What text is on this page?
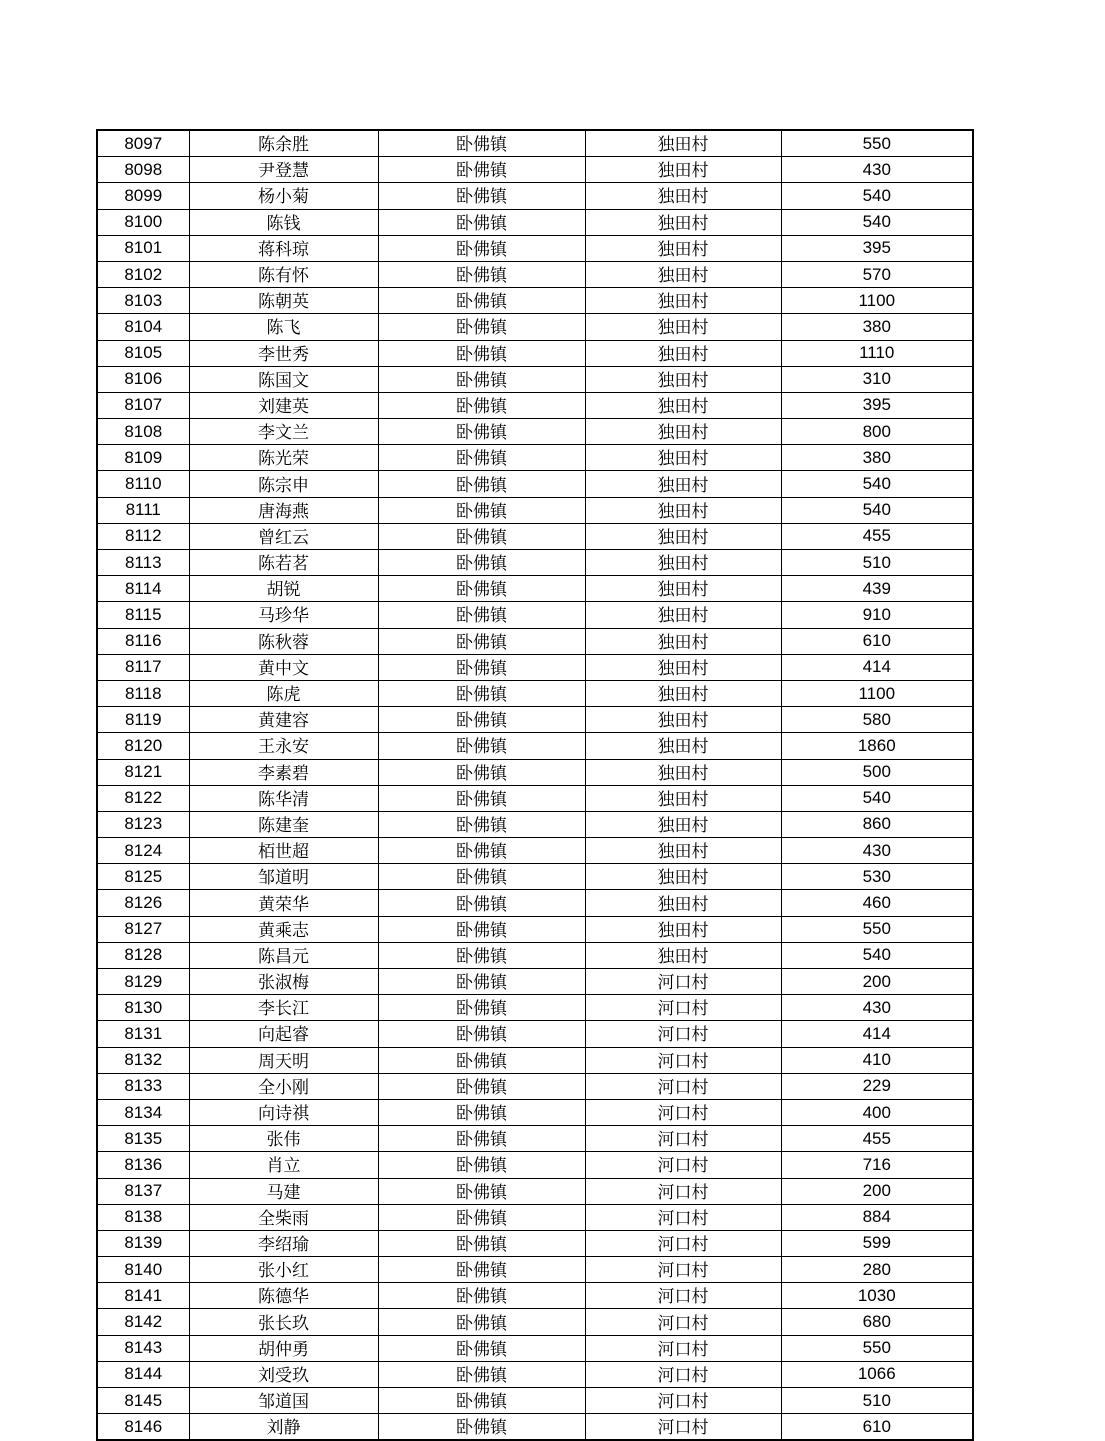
8097	陈余胜	卧佛镇	独田村	550
8098	尹登慧	卧佛镇	独田村	430
8099	杨小菊	卧佛镇	独田村	540
8100	陈钱	卧佛镇	独田村	540
8101	蒋科琼	卧佛镇	独田村	395
8102	陈有怀	卧佛镇	独田村	570
8103	陈朝英	卧佛镇	独田村	1100
8104	陈飞	卧佛镇	独田村	380
8105	李世秀	卧佛镇	独田村	1110
8106	陈国文	卧佛镇	独田村	310
8107	刘建英	卧佛镇	独田村	395
8108	李文兰	卧佛镇	独田村	800
8109	陈光荣	卧佛镇	独田村	380
8110	陈宗申	卧佛镇	独田村	540
8111	唐海燕	卧佛镇	独田村	540
8112	曾红云	卧佛镇	独田村	455
8113	陈若茗	卧佛镇	独田村	510
8114	胡锐	卧佛镇	独田村	439
8115	马珍华	卧佛镇	独田村	910
8116	陈秋蓉	卧佛镇	独田村	610
8117	黄中文	卧佛镇	独田村	414
8118	陈虎	卧佛镇	独田村	1100
8119	黄建容	卧佛镇	独田村	580
8120	王永安	卧佛镇	独田村	1860
8121	李素碧	卧佛镇	独田村	500
8122	陈华清	卧佛镇	独田村	540
8123	陈建奎	卧佛镇	独田村	860
8124	栢世超	卧佛镇	独田村	430
8125	邹道明	卧佛镇	独田村	530
8126	黄荣华	卧佛镇	独田村	460
8127	黄乘志	卧佛镇	独田村	550
8128	陈昌元	卧佛镇	独田村	540
8129	张淑梅	卧佛镇	河口村	200
8130	李长江	卧佛镇	河口村	430
8131	向起睿	卧佛镇	河口村	414
8132	周天明	卧佛镇	河口村	410
8133	全小刚	卧佛镇	河口村	229
8134	向诗祺	卧佛镇	河口村	400
8135	张伟	卧佛镇	河口村	455
8136	肖立	卧佛镇	河口村	716
8137	马建	卧佛镇	河口村	200
8138	全柴雨	卧佛镇	河口村	884
8139	李绍瑜	卧佛镇	河口村	599
8140	张小红	卧佛镇	河口村	280
8141	陈德华	卧佛镇	河口村	1030
8142	张长玖	卧佛镇	河口村	680
8143	胡仲勇	卧佛镇	河口村	550
8144	刘受玖	卧佛镇	河口村	1066
8145	邹道国	卧佛镇	河口村	510
8146	刘静	卧佛镇	河口村	610
